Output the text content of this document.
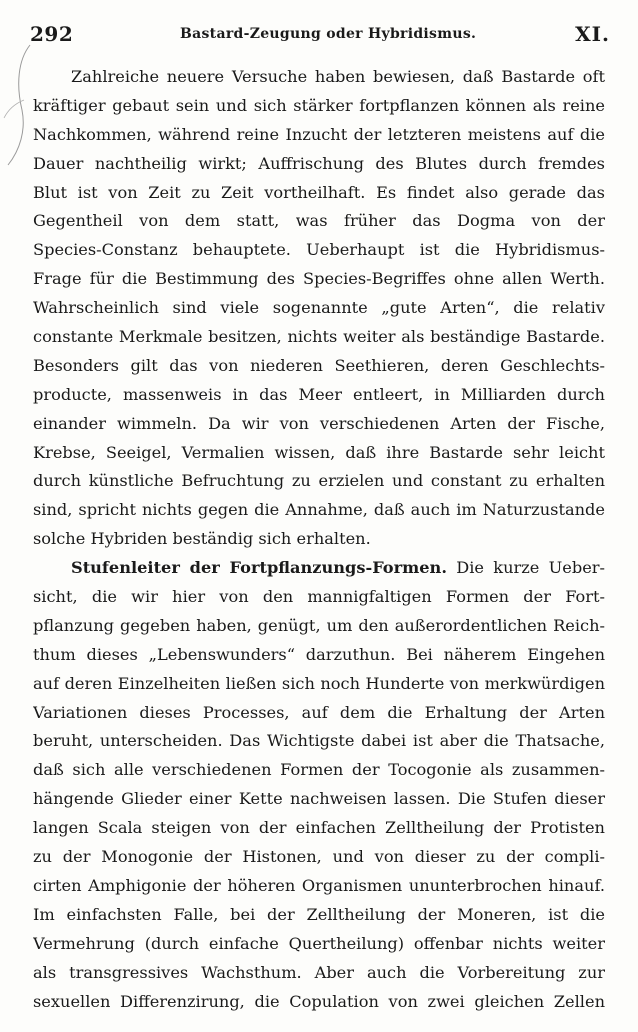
292	Bastard-Zeugung oder Hybridismus.	XI.
Zahlreiche neuere Versuche haben bewiesen, daß Bastarde oft
kräftiger gebaut sein und sich stärker fortpflanzen können als reine
Nachkommen, während reine Inzucht der letzteren meistens auf die
Dauer nachtheilig wirkt; Auffrischung des Blutes durch fremdes
Blut ist von Zeit zu Zeit vortheilhaft. Es findet also gerade das
Gegentheil von dem statt, was früher das Dogma von der
Species-Constanz behauptete. Ueberhaupt ist die Hybridismus-
Frage für die Bestimmung des Species-Begriffes ohne allen Werth.
Wahrscheinlich sind viele sogenannte „gute Arten“, die relativ
constante Merkmale besitzen, nichts weiter als beständige Bastarde.
Besonders gilt das von niederen Seethieren, deren Geschlechts-
producte, massenweis in das Meer entleert, in Milliarden durch
einander wimmeln. Da wir von verschiedenen Arten der Fische,
Krebse, Seeigel, Vermalien wissen, daß ihre Bastarde sehr leicht
durch künstliche Befruchtung zu erzielen und constant zu erhalten
sind, spricht nichts gegen die Annahme, daß auch im Naturzustande
solche Hybriden beständig sich erhalten.
Stufenleiter der Fortpflanzungs-Formen. Die kurze Ueber-
sicht, die wir hier von den mannigfaltigen Formen der Fort-
pflanzung gegeben haben, genügt, um den außerordentlichen Reich-
thum dieses „Lebenswunders“ darzuthun. Bei näherem Eingehen
auf deren Einzelheiten ließen sich noch Hunderte von merkwürdigen
Variationen dieses Processes, auf dem die Erhaltung der Arten
beruht, unterscheiden. Das Wichtigste dabei ist aber die Thatsache,
daß sich alle verschiedenen Formen der Tocogonie als zusammen-
hängende Glieder einer Kette nachweisen lassen. Die Stufen dieser
langen Scala steigen von der einfachen Zelltheilung der Protisten
zu der Monogonie der Histonen, und von dieser zu der compli-
cirten Amphigonie der höheren Organismen ununterbrochen hinauf.
Im einfachsten Falle, bei der Zelltheilung der Moneren, ist die
Vermehrung (durch einfache Quertheilung) offenbar nichts weiter
als transgressives Wachsthum. Aber auch die Vorbereitung zur
sexuellen Differenzirung, die Copulation von zwei gleichen Zellen
